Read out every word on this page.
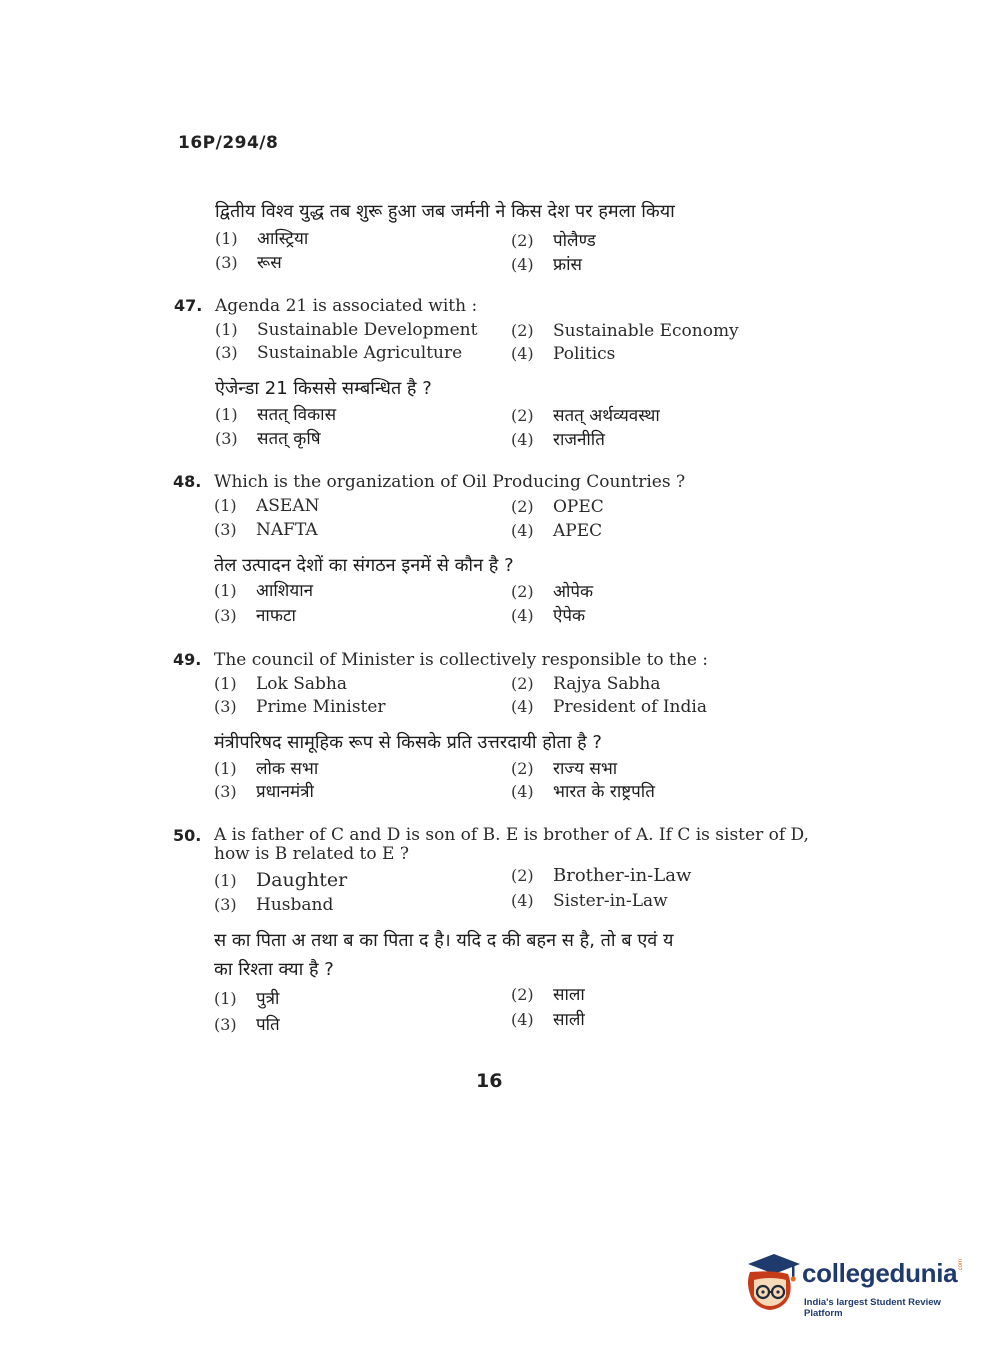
16P/294/8
द्वितीय विश्व युद्ध तब शुरू हुआ जब जर्मनी ने किस देश पर हमला किया
(1) आस्ट्रिया	(2) पोलैण्ड
(3) रूस	(4) फ्रांस
47. Agenda 21 is associated with :
(1) Sustainable Development (2) Sustainable Economy
(3) Sustainable Agriculture	(4) Politics
ऐजेन्डा 21 किससे सम्बन्धित है ?
(1) सतत् विकास	(2) सतत् अर्थव्यवस्था
(3) सतत् कृषि	(4) राजनीति
48. Which is the organization of Oil Producing Countries ?
(1) ASEAN	(2) OPEC
(3) NAFTA	(4) APEC
तेल उत्पादन देशों का संगठन इनमें से कौन है ?
(1) आशियान	(2) ओपेक
(3) नाफटा	(4) ऐपेक
49. The council of Minister is collectively responsible to the :
(1) Lok Sabha	(2) Rajya Sabha
(3) Prime Minister	(4) President of India
मंत्रीपरिषद सामूहिक रूप से किसके प्रति उत्तरदायी होता है ?
(1) लोक सभा	(2) राज्य सभा
(3) प्रधानमंत्री	(4) भारत के राष्ट्रपति
50. A is father of C and D is son of B. E is brother of A. If C is sister of D,
how is B related to E ?
(1) Daughter	(2) Brother-in-Law
(3) Husband	(4) Sister-in-Law
स का पिता अ तथा ब का पिता द है। यदि द की बहन स है, तो ब एवं य
का रिश्ता क्या है ?
(1) पुत्री	(2) साला
(3) पति	(4) साली
16
collegedunia .com
India's largest Student Review Platform
